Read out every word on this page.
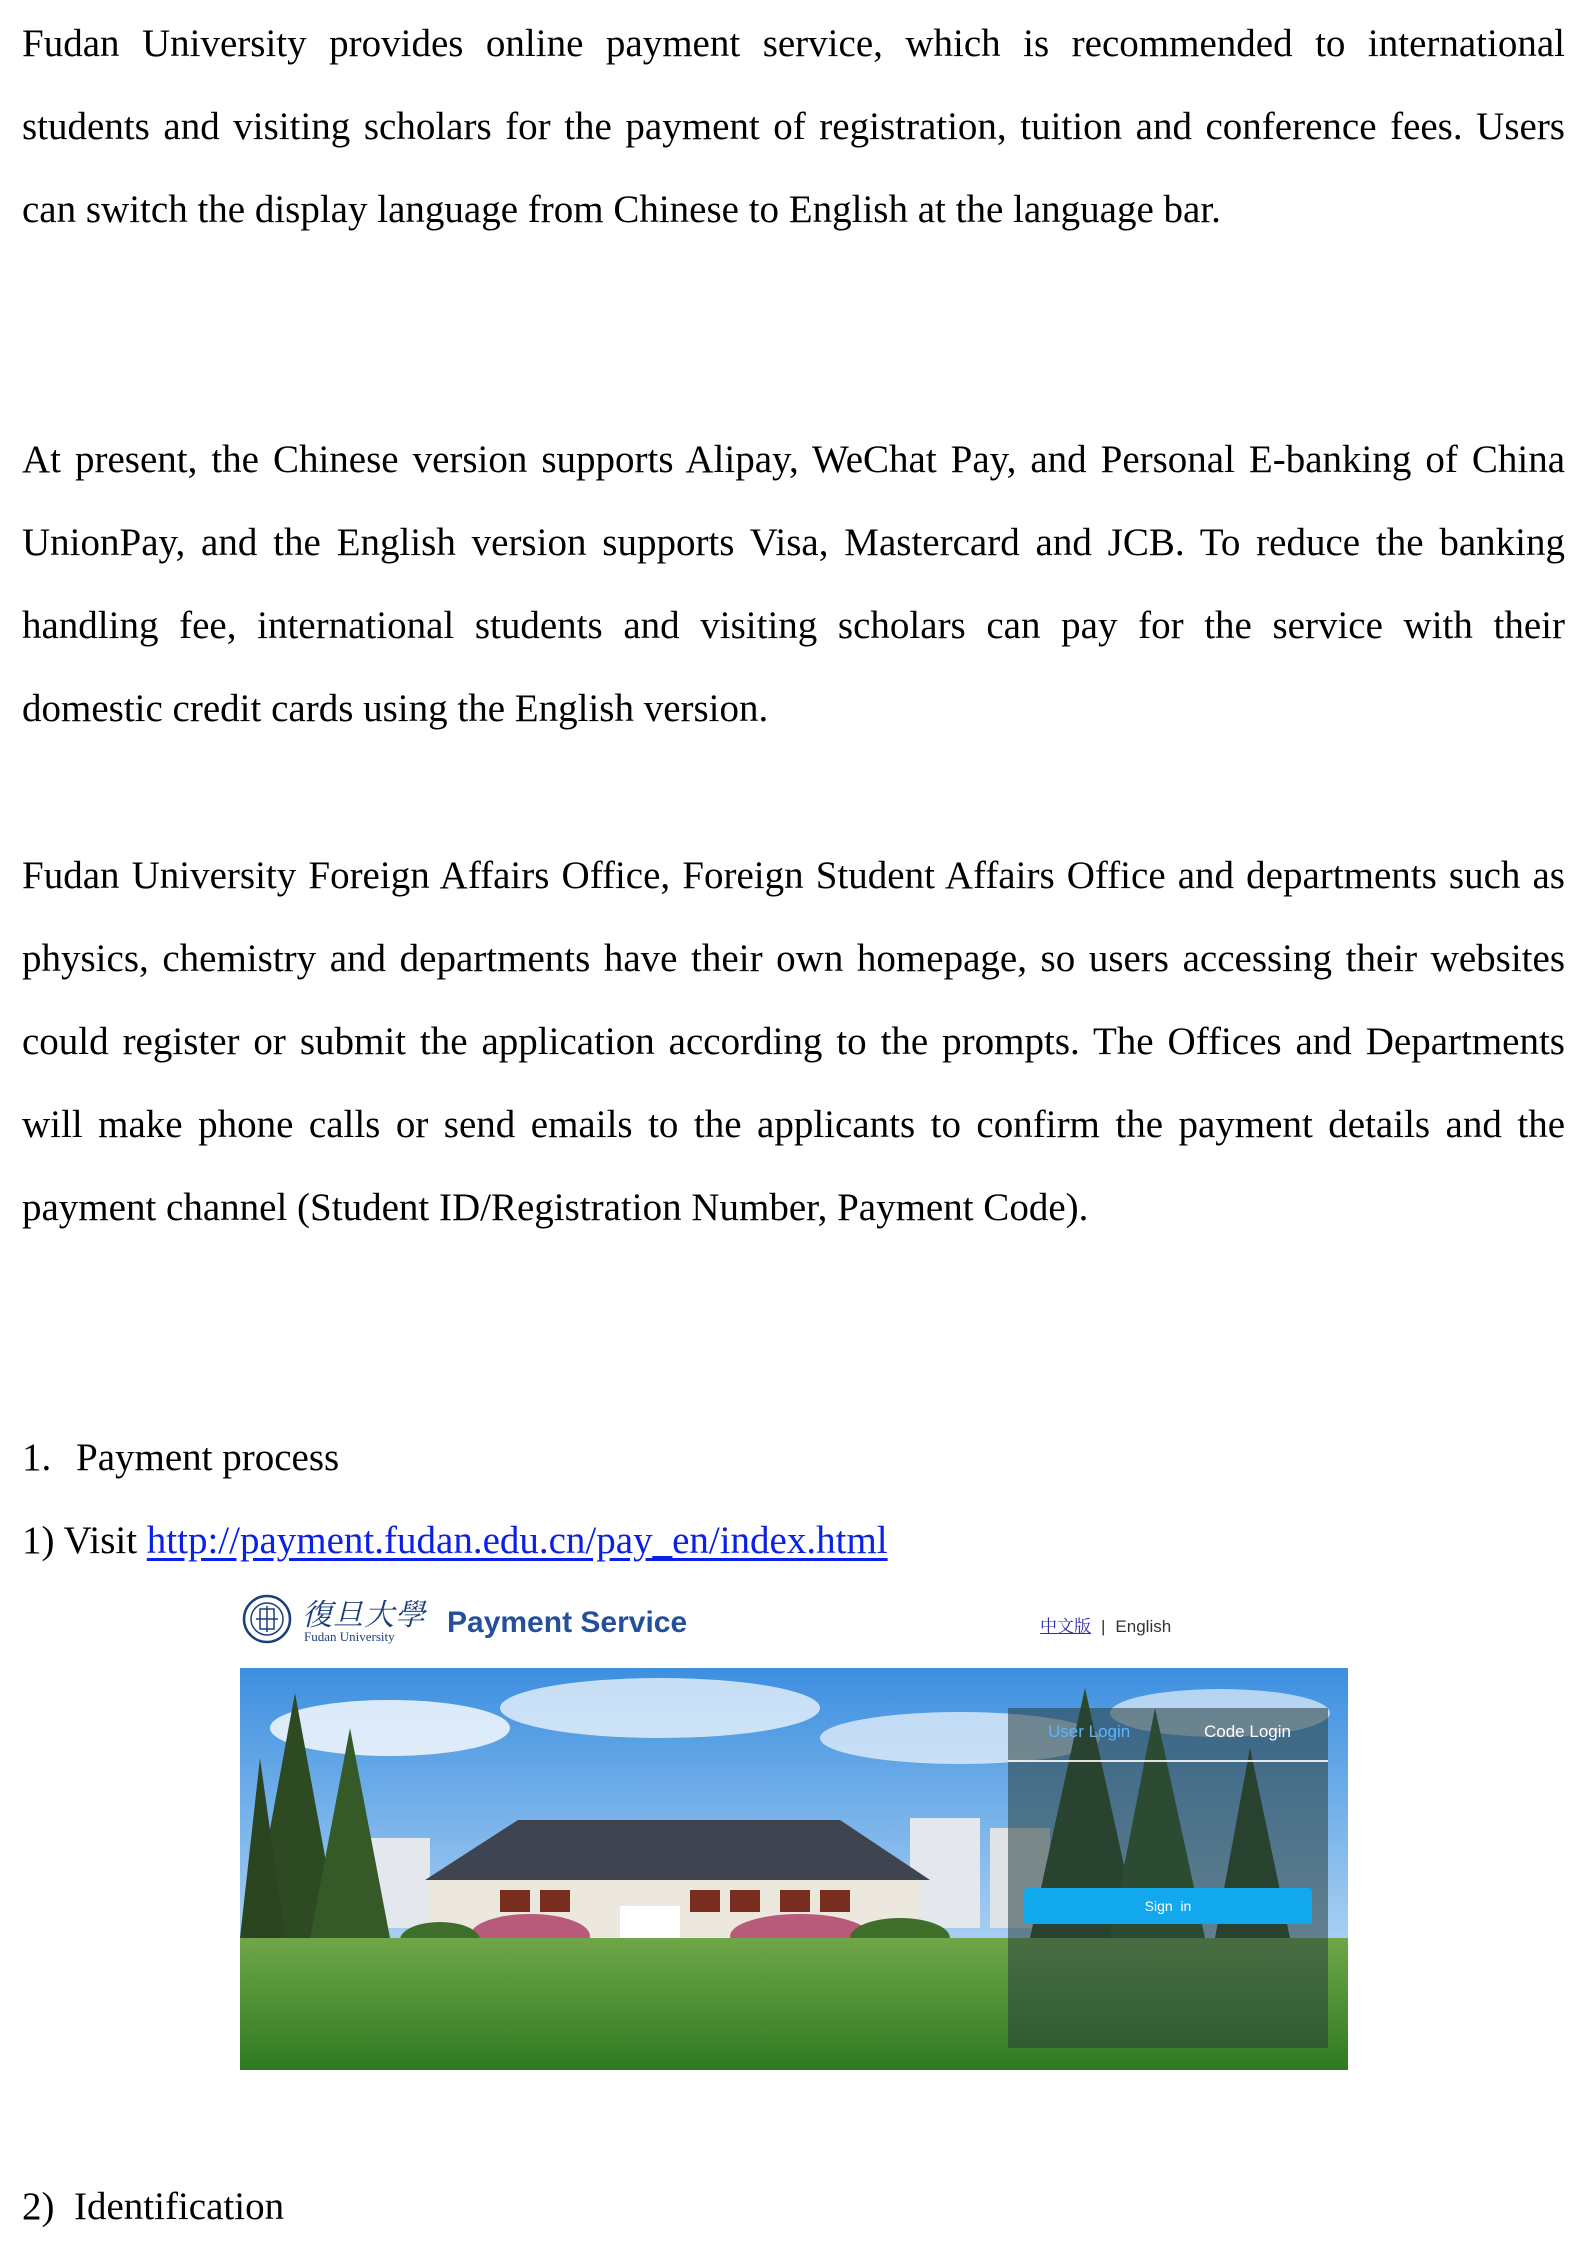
Fudan University provides online payment service, which is recommended to international students and visiting scholars for the payment of registration, tuition and conference fees. Users can switch the display language from Chinese to English at the language bar.

At present, the Chinese version supports Alipay, WeChat Pay, and Personal E-banking of China UnionPay, and the English version supports Visa, Mastercard and JCB. To reduce the banking handling fee, international students and visiting scholars can pay for the service with their domestic credit cards using the English version.

Fudan University Foreign Affairs Office, Foreign Student Affairs Office and departments such as physics, chemistry and departments have their own homepage, so users accessing their websites could register or submit the application according to the prompts. The Offices and Departments will make phone calls or send emails to the applicants to confirm the payment details and the payment channel (Student ID/Registration Number, Payment Code).

1. Payment process
1) Visit http://payment.fudan.edu.cn/pay_en/index.html
2)  Identification
復旦大學
Fudan University Payment Service	中文版 | English
User Login	Code Login
Sign  in
